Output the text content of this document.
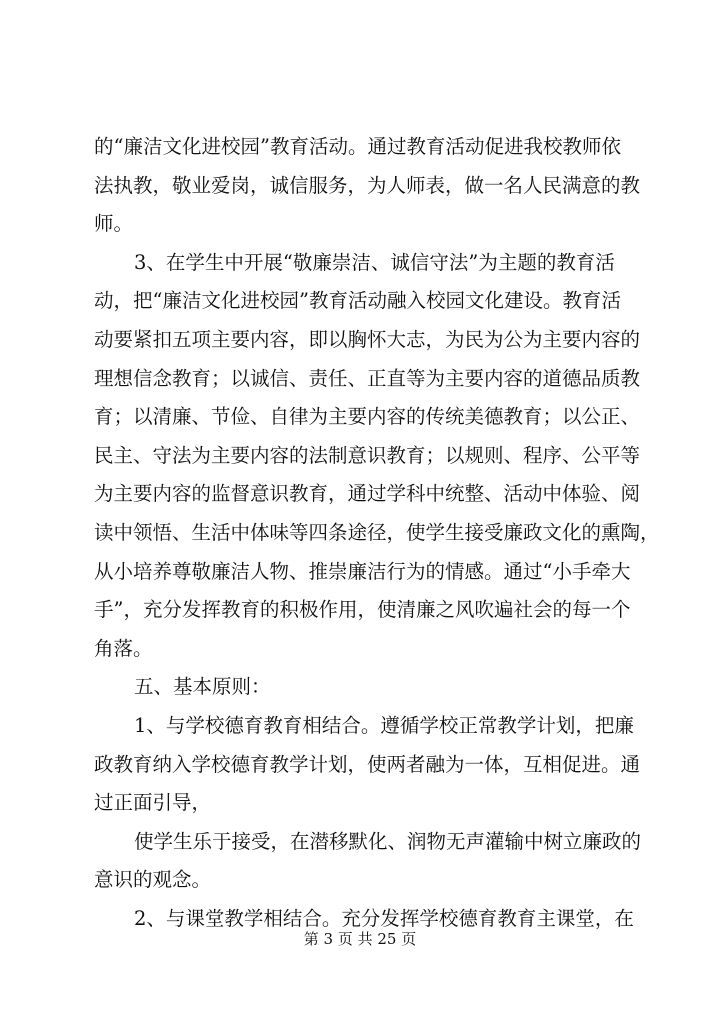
的“廉洁文化进校园”教育活动。通过教育活动促进我校教师依
法执教，敬业爱岗，诚信服务，为人师表，做一名人民满意的教
师。
3、在学生中开展“敬廉崇洁、诚信守法”为主题的教育活
动，把“廉洁文化进校园”教育活动融入校园文化建设。教育活
动要紧扣五项主要内容，即以胸怀大志，为民为公为主要内容的
理想信念教育；以诚信、责任、正直等为主要内容的道德品质教
育；以清廉、节俭、自律为主要内容的传统美德教育；以公正、
民主、守法为主要内容的法制意识教育；以规则、程序、公平等
为主要内容的监督意识教育，通过学科中统整、活动中体验、阅
读中领悟、生活中体味等四条途径，使学生接受廉政文化的熏陶，
从小培养尊敬廉洁人物、推崇廉洁行为的情感。通过“小手牵大
手”，充分发挥教育的积极作用，使清廉之风吹遍社会的每一个
角落。
五、基本原则：
1、与学校德育教育相结合。遵循学校正常教学计划，把廉
政教育纳入学校德育教学计划，使两者融为一体，互相促进。通
过正面引导，
使学生乐于接受，在潜移默化、润物无声灌输中树立廉政的
意识的观念。
2、与课堂教学相结合。充分发挥学校德育教育主课堂，在
第 3 页 共 25 页
